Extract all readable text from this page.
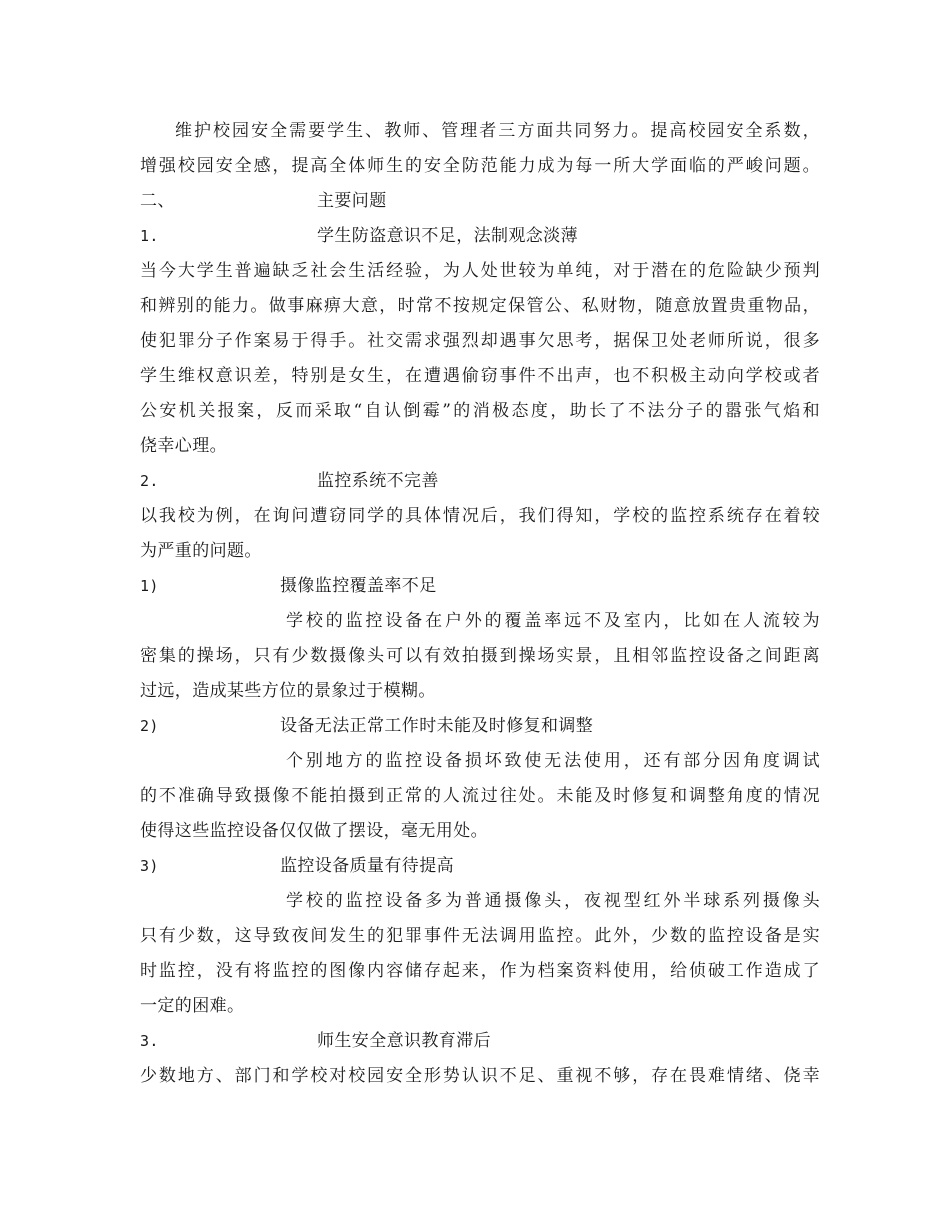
维护校园安全需要学生、教师、管理者三方面共同努力。提高校园安全系数，
增强校园安全感，提高全体师生的安全防范能力成为每一所大学面临的严峻问题。
二、	主要问题
1.	学生防盗意识不足，法制观念淡薄
当今大学生普遍缺乏社会生活经验，为人处世较为单纯，对于潜在的危险缺少预判
和辨别的能力。做事麻痹大意，时常不按规定保管公、私财物，随意放置贵重物品，
使犯罪分子作案易于得手。社交需求强烈却遇事欠思考，据保卫处老师所说，很多
学生维权意识差，特别是女生，在遭遇偷窃事件不出声，也不积极主动向学校或者
公安机关报案，反而采取“自认倒霉”的消极态度，助长了不法分子的嚣张气焰和
侥幸心理。
2.	监控系统不完善
以我校为例，在询问遭窃同学的具体情况后，我们得知，学校的监控系统存在着较
为严重的问题。
1)	摄像监控覆盖率不足
学校的监控设备在户外的覆盖率远不及室内，比如在人流较为
密集的操场，只有少数摄像头可以有效拍摄到操场实景，且相邻监控设备之间距离
过远，造成某些方位的景象过于模糊。
2)	设备无法正常工作时未能及时修复和调整
个别地方的监控设备损坏致使无法使用，还有部分因角度调试
的不准确导致摄像不能拍摄到正常的人流过往处。未能及时修复和调整角度的情况
使得这些监控设备仅仅做了摆设，毫无用处。
3)	监控设备质量有待提高
学校的监控设备多为普通摄像头，夜视型红外半球系列摄像头
只有少数，这导致夜间发生的犯罪事件无法调用监控。此外，少数的监控设备是实
时监控，没有将监控的图像内容储存起来，作为档案资料使用，给侦破工作造成了
一定的困难。
3.	师生安全意识教育滞后
少数地方、部门和学校对校园安全形势认识不足、重视不够，存在畏难情绪、侥幸
